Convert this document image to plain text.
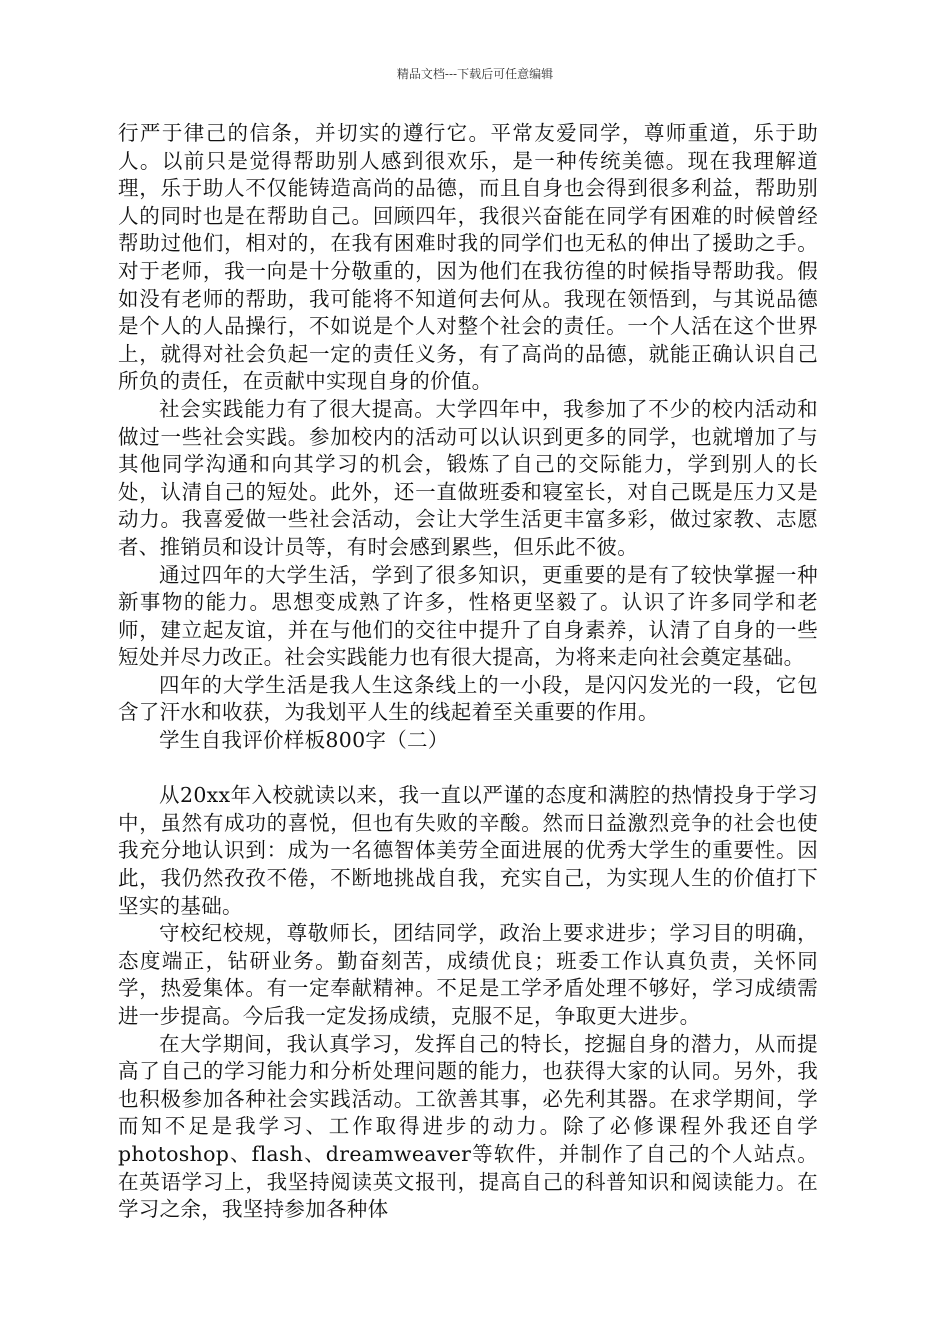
精品文档---下载后可任意编辑

行严于律己的信条，并切实的遵行它。平常友爱同学，尊师重道，乐于助人。以前只是觉得帮助别人感到很欢乐，是一种传统美德。现在我理解道理，乐于助人不仅能铸造高尚的品德，而且自身也会得到很多利益，帮助别人的同时也是在帮助自己。回顾四年，我很兴奋能在同学有困难的时候曾经帮助过他们，相对的，在我有困难时我的同学们也无私的伸出了援助之手。对于老师，我一向是十分敬重的，因为他们在我彷徨的时候指导帮助我。假如没有老师的帮助，我可能将不知道何去何从。我现在领悟到，与其说品德是个人的人品操行，不如说是个人对整个社会的责任。一个人活在这个世界上，就得对社会负起一定的责任义务，有了高尚的品德，就能正确认识自己所负的责任，在贡献中实现自身的价值。

社会实践能力有了很大提高。大学四年中，我参加了不少的校内活动和做过一些社会实践。参加校内的活动可以认识到更多的同学，也就增加了与其他同学沟通和向其学习的机会，锻炼了自己的交际能力，学到别人的长处，认清自己的短处。此外，还一直做班委和寝室长，对自己既是压力又是动力。我喜爱做一些社会活动，会让大学生活更丰富多彩，做过家教、志愿者、推销员和设计员等，有时会感到累些，但乐此不彼。

通过四年的大学生活，学到了很多知识，更重要的是有了较快掌握一种新事物的能力。思想变成熟了许多，性格更坚毅了。认识了许多同学和老师，建立起友谊，并在与他们的交往中提升了自身素养，认清了自身的一些短处并尽力改正。社会实践能力也有很大提高，为将来走向社会奠定基础。

四年的大学生活是我人生这条线上的一小段，是闪闪发光的一段，它包含了汗水和收获，为我划平人生的线起着至关重要的作用。

学生自我评价样板800字（二）

从20xx年入校就读以来，我一直以严谨的态度和满腔的热情投身于学习中，虽然有成功的喜悦，但也有失败的辛酸。然而日益激烈竞争的社会也使我充分地认识到：成为一名德智体美劳全面进展的优秀大学生的重要性。因此，我仍然孜孜不倦，不断地挑战自我，充实自己，为实现人生的价值打下坚实的基础。

守校纪校规，尊敬师长，团结同学，政治上要求进步；学习目的明确，态度端正，钻研业务。勤奋刻苦，成绩优良；班委工作认真负责，关怀同学，热爱集体。有一定奉献精神。不足是工学矛盾处理不够好，学习成绩需进一步提高。今后我一定发扬成绩，克服不足，争取更大进步。

在大学期间，我认真学习，发挥自己的特长，挖掘自身的潜力，从而提高了自己的学习能力和分析处理问题的能力，也获得大家的认同。另外，我也积极参加各种社会实践活动。工欲善其事，必先利其器。在求学期间，学而知不足是我学习、工作取得进步的动力。除了必修课程外我还自学photoshop、flash、dreamweaver等软件，并制作了自己的个人站点。在英语学习上，我坚持阅读英文报刊，提高自己的科普知识和阅读能力。在学习之余，我坚持参加各种体
